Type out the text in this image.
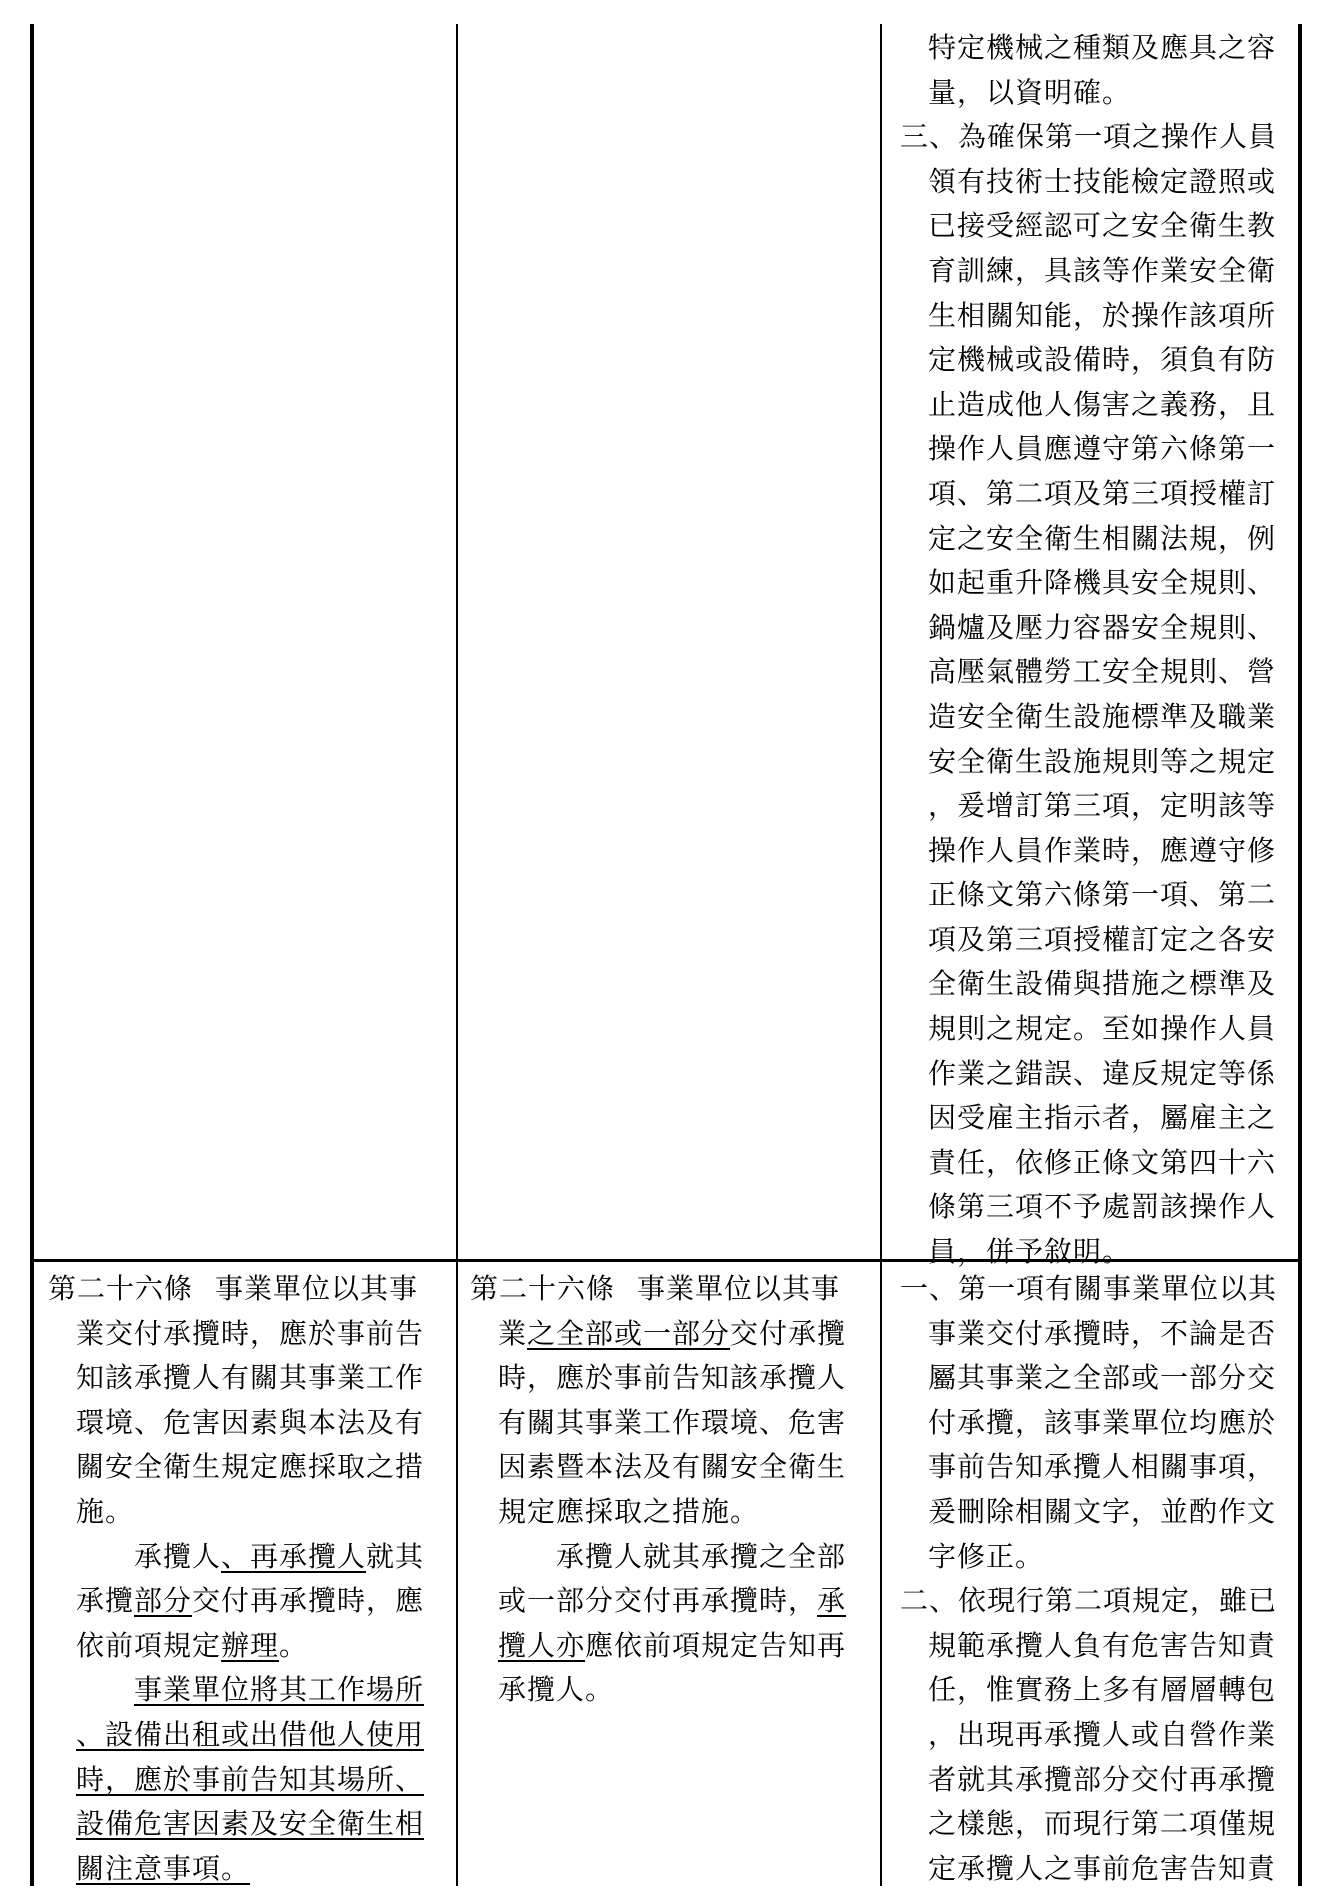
特定機械之種類及應具之容
量，以資明確。
三、為確保第一項之操作人員
領有技術士技能檢定證照或
已接受經認可之安全衛生教
育訓練，具該等作業安全衛
生相關知能，於操作該項所
定機械或設備時，須負有防
止造成他人傷害之義務，且
操作人員應遵守第六條第一
項、第二項及第三項授權訂
定之安全衛生相關法規，例
如起重升降機具安全規則、
鍋爐及壓力容器安全規則、
高壓氣體勞工安全規則、營
造安全衛生設施標準及職業
安全衛生設施規則等之規定
，爰增訂第三項，定明該等
操作人員作業時，應遵守修
正條文第六條第一項、第二
項及第三項授權訂定之各安
全衛生設備與措施之標準及
規則之規定。至如操作人員
作業之錯誤、違反規定等係
因受雇主指示者，屬雇主之
責任，依修正條文第四十六
條第三項不予處罰該操作人
員，併予敘明。
第二十六條 事業單位以其事
業交付承攬時，應於事前告
知該承攬人有關其事業工作
環境、危害因素與本法及有
關安全衛生規定應採取之措
施。
承攬人、再承攬人就其
承攬部分交付再承攬時，應
依前項規定辦理。
事業單位將其工作場所
、設備出租或出借他人使用
時，應於事前告知其場所、
設備危害因素及安全衛生相
關注意事項。
第二十六條 事業單位以其事
業之全部或一部分交付承攬
時，應於事前告知該承攬人
有關其事業工作環境、危害
因素暨本法及有關安全衛生
規定應採取之措施。
承攬人就其承攬之全部
或一部分交付再承攬時，承
攬人亦應依前項規定告知再
承攬人。
一、第一項有關事業單位以其
事業交付承攬時，不論是否
屬其事業之全部或一部分交
付承攬，該事業單位均應於
事前告知承攬人相關事項，
爰刪除相關文字，並酌作文
字修正。
二、依現行第二項規定，雖已
規範承攬人負有危害告知責
任，惟實務上多有層層轉包
，出現再承攬人或自營作業
者就其承攬部分交付再承攬
之樣態，而現行第二項僅規
定承攬人之事前危害告知責
